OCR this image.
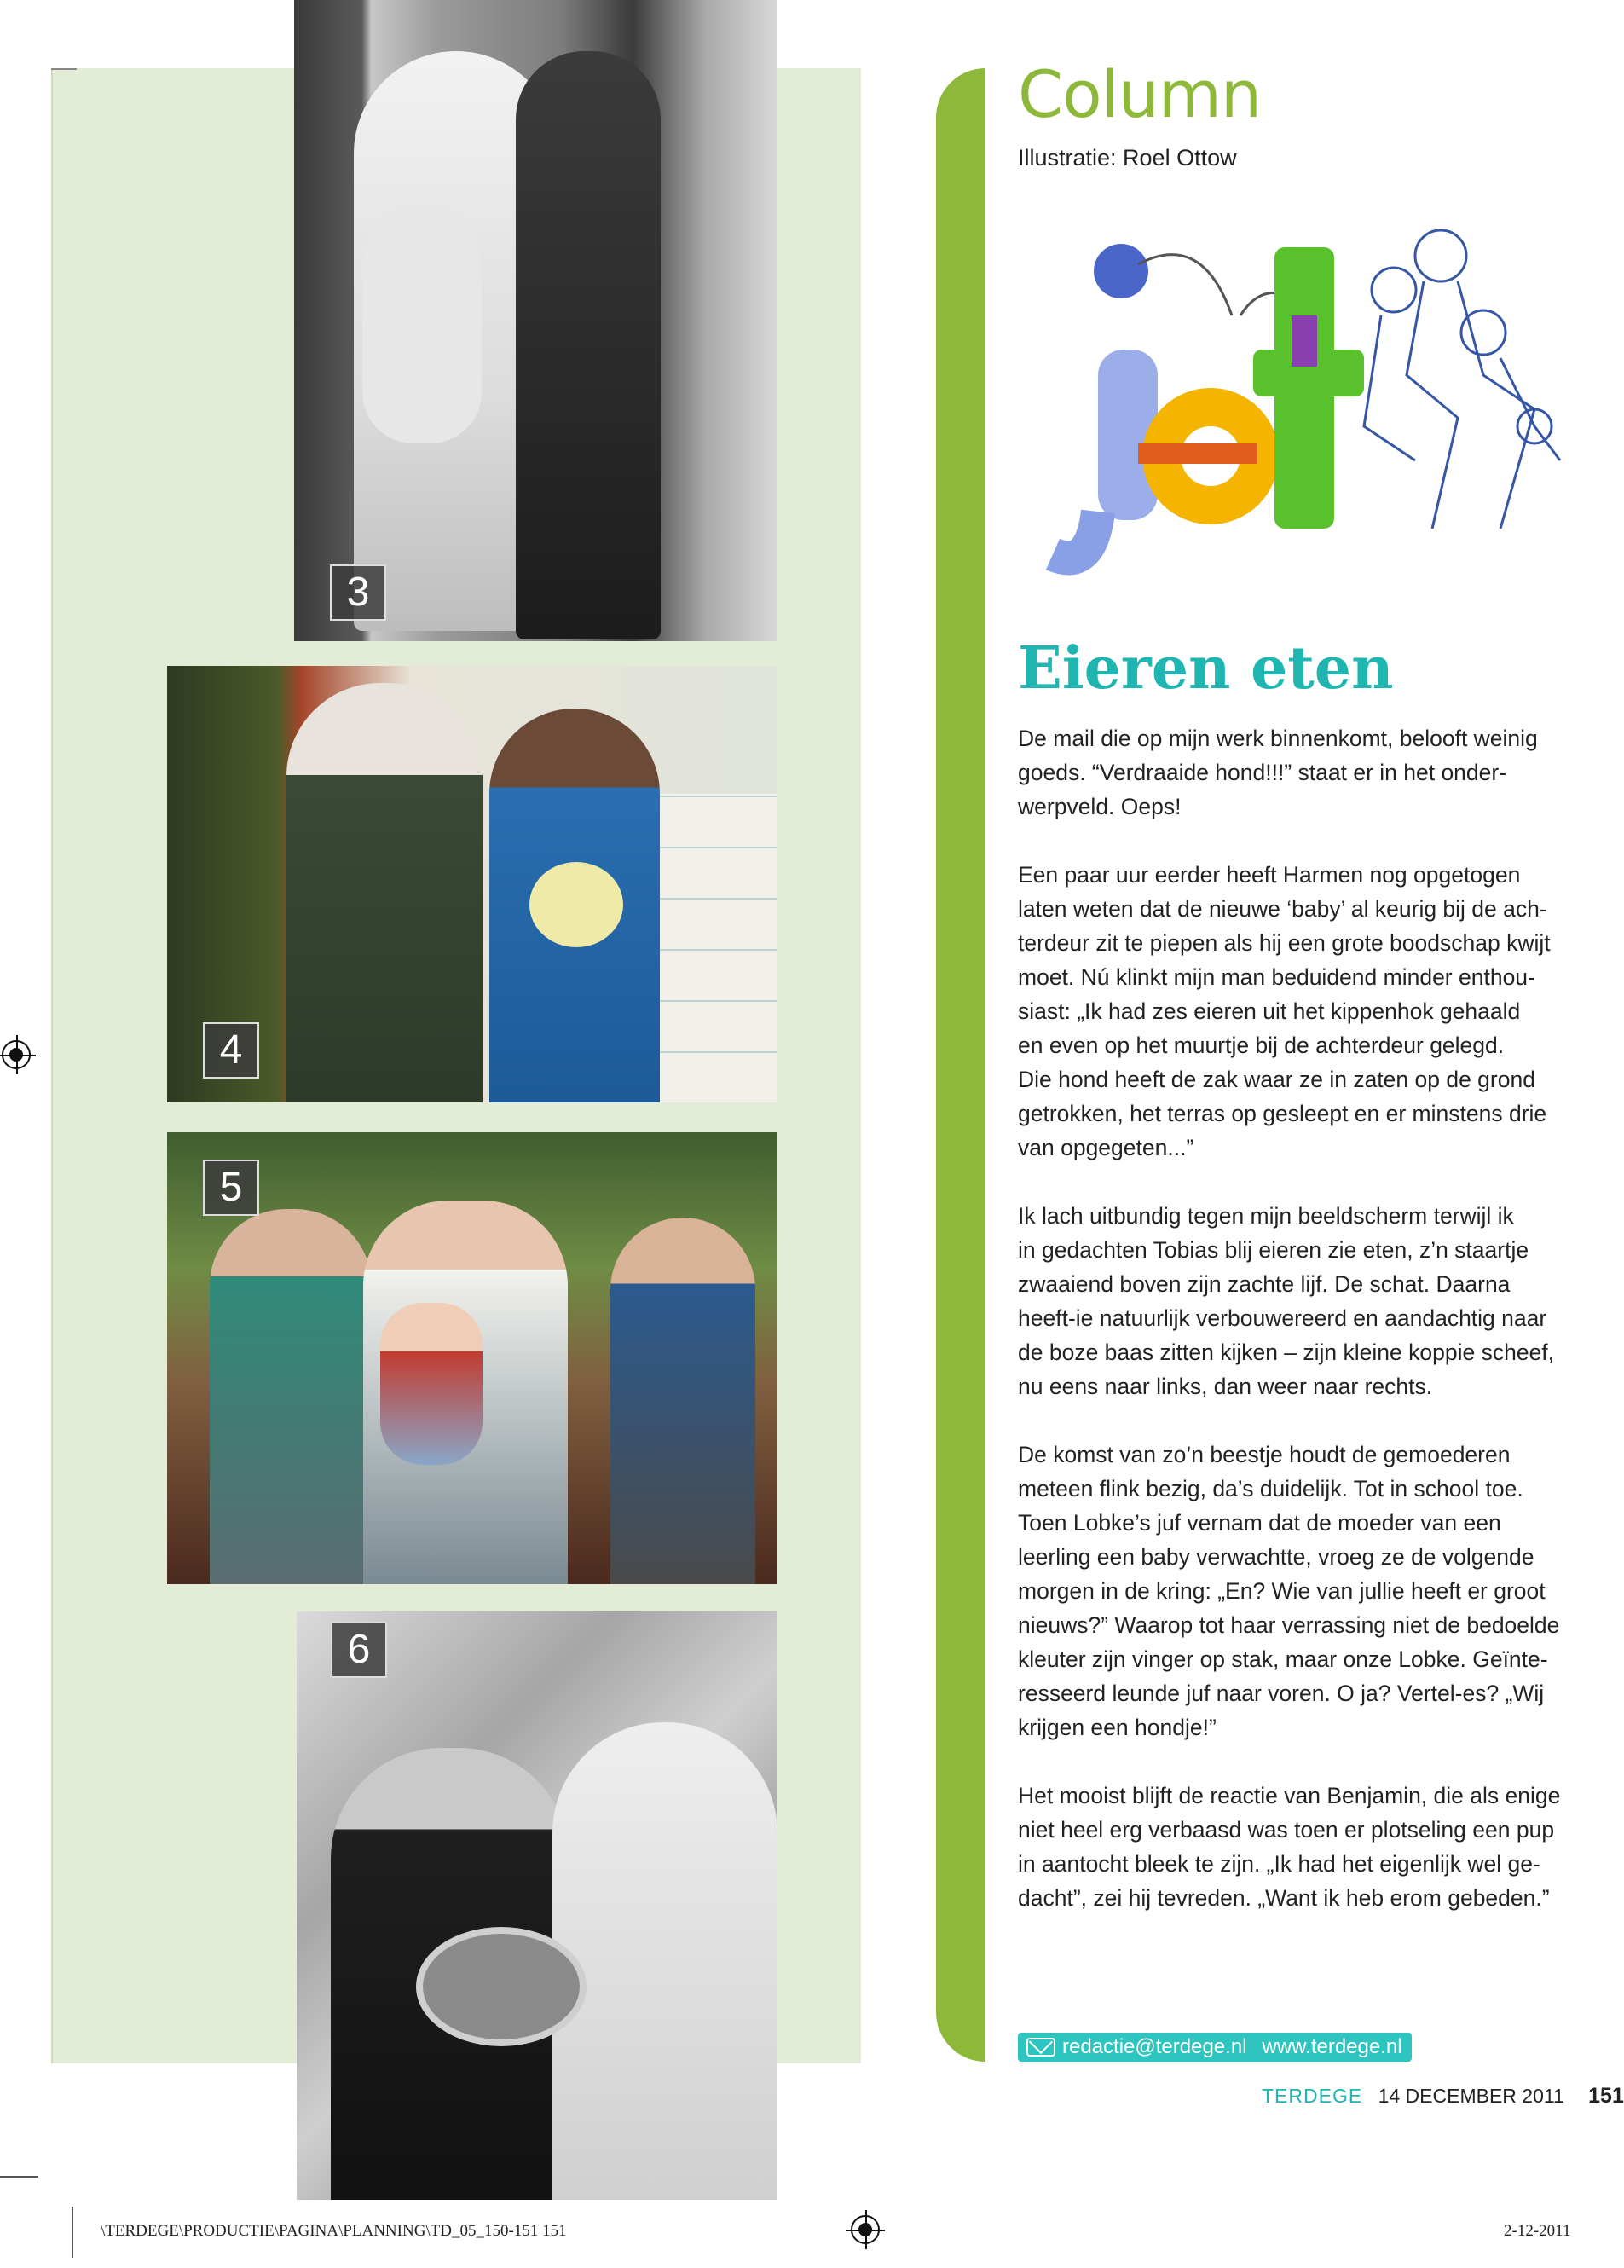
3
4
5
6
Column
Illustratie: Roel Ottow
Eieren eten

De mail die op mijn werk binnenkomt, belooft weinig
goeds. “Verdraaide hond!!!” staat er in het onder-
werpveld. Oeps!

Een paar uur eerder heeft Harmen nog opgetogen
laten weten dat de nieuwe ‘baby’ al keurig bij de ach-
terdeur zit te piepen als hij een grote boodschap kwijt
moet. Nú klinkt mijn man beduidend minder enthou-
siast: „Ik had zes eieren uit het kippenhok gehaald
en even op het muurtje bij de achterdeur gelegd.
Die hond heeft de zak waar ze in zaten op de grond
getrokken, het terras op gesleept en er minstens drie
van opgegeten...”

Ik lach uitbundig tegen mijn beeldscherm terwijl ik
in gedachten Tobias blij eieren zie eten, z’n staartje
zwaaiend boven zijn zachte lijf. De schat. Daarna
heeft-ie natuurlijk verbouwereerd en aandachtig naar
de boze baas zitten kijken – zijn kleine koppie scheef,
nu eens naar links, dan weer naar rechts.

De komst van zo’n beestje houdt de gemoederen
meteen flink bezig, da’s duidelijk. Tot in school toe.
Toen Lobke’s juf vernam dat de moeder van een
leerling een baby verwachtte, vroeg ze de volgende
morgen in de kring: „En? Wie van jullie heeft er groot
nieuws?” Waarop tot haar verrassing niet de bedoelde
kleuter zijn vinger op stak, maar onze Lobke. Geïnte-
resseerd leunde juf naar voren. O ja? Vertel-es? „Wij
krijgen een hondje!”

Het mooist blijft de reactie van Benjamin, die als enige
niet heel erg verbaasd was toen er plotseling een pup
in aantocht bleek te zijn. „Ik had het eigenlijk wel ge-
dacht”, zei hij tevreden. „Want ik heb erom gebeden.”

redactie@terdege.nl www.terdege.nl
TERDEGE 14 DECEMBER 2011 151
\TERDEGE\PRODUCTIE\PAGINA\PLANNING\TD_05_150-151 151	2-12-2011
